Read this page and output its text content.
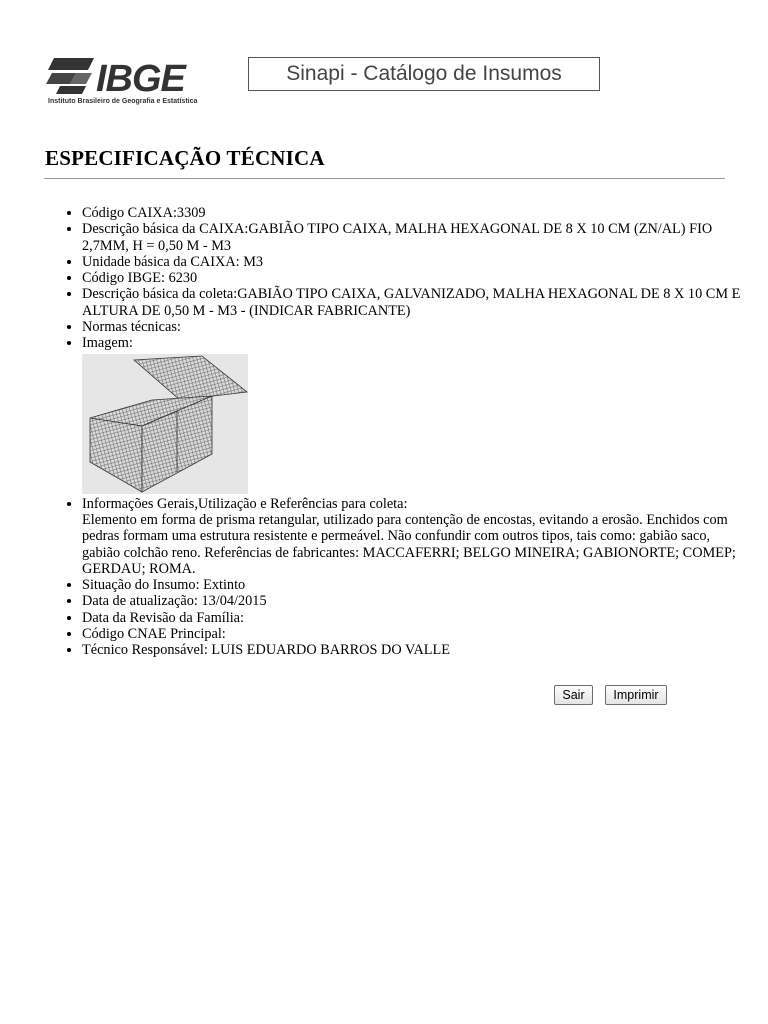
IBGE
Instituto Brasileiro de Geografia e Estatística
Sinapi - Catálogo de Insumos
ESPECIFICAÇÃO TÉCNICA
• Código CAIXA:3309
• Descrição básica da CAIXA:GABIÃO TIPO CAIXA, MALHA HEXAGONAL DE 8 X 10 CM (ZN/AL) FIO 2,7MM, H = 0,50 M - M3
• Unidade básica da CAIXA: M3
• Código IBGE: 6230
• Descrição básica da coleta:GABIÃO TIPO CAIXA, GALVANIZADO, MALHA HEXAGONAL DE 8 X 10 CM E ALTURA DE 0,50 M - M3 - (INDICAR FABRICANTE)
• Normas técnicas:
• Imagem:
• Informações Gerais,Utilização e Referências para coleta:
Elemento em forma de prisma retangular, utilizado para contenção de encostas, evitando a erosão. Enchidos com pedras formam uma estrutura resistente e permeável. Não confundir com outros tipos, tais como: gabião saco, gabião colchão reno. Referências de fabricantes: MACCAFERRI; BELGO MINEIRA; GABIONORTE; COMEP; GERDAU; ROMA.
• Situação do Insumo: Extinto
• Data de atualização: 13/04/2015
• Data da Revisão da Família:
• Código CNAE Principal:
• Técnico Responsável: LUIS EDUARDO BARROS DO VALLE
Sair	Imprimir
